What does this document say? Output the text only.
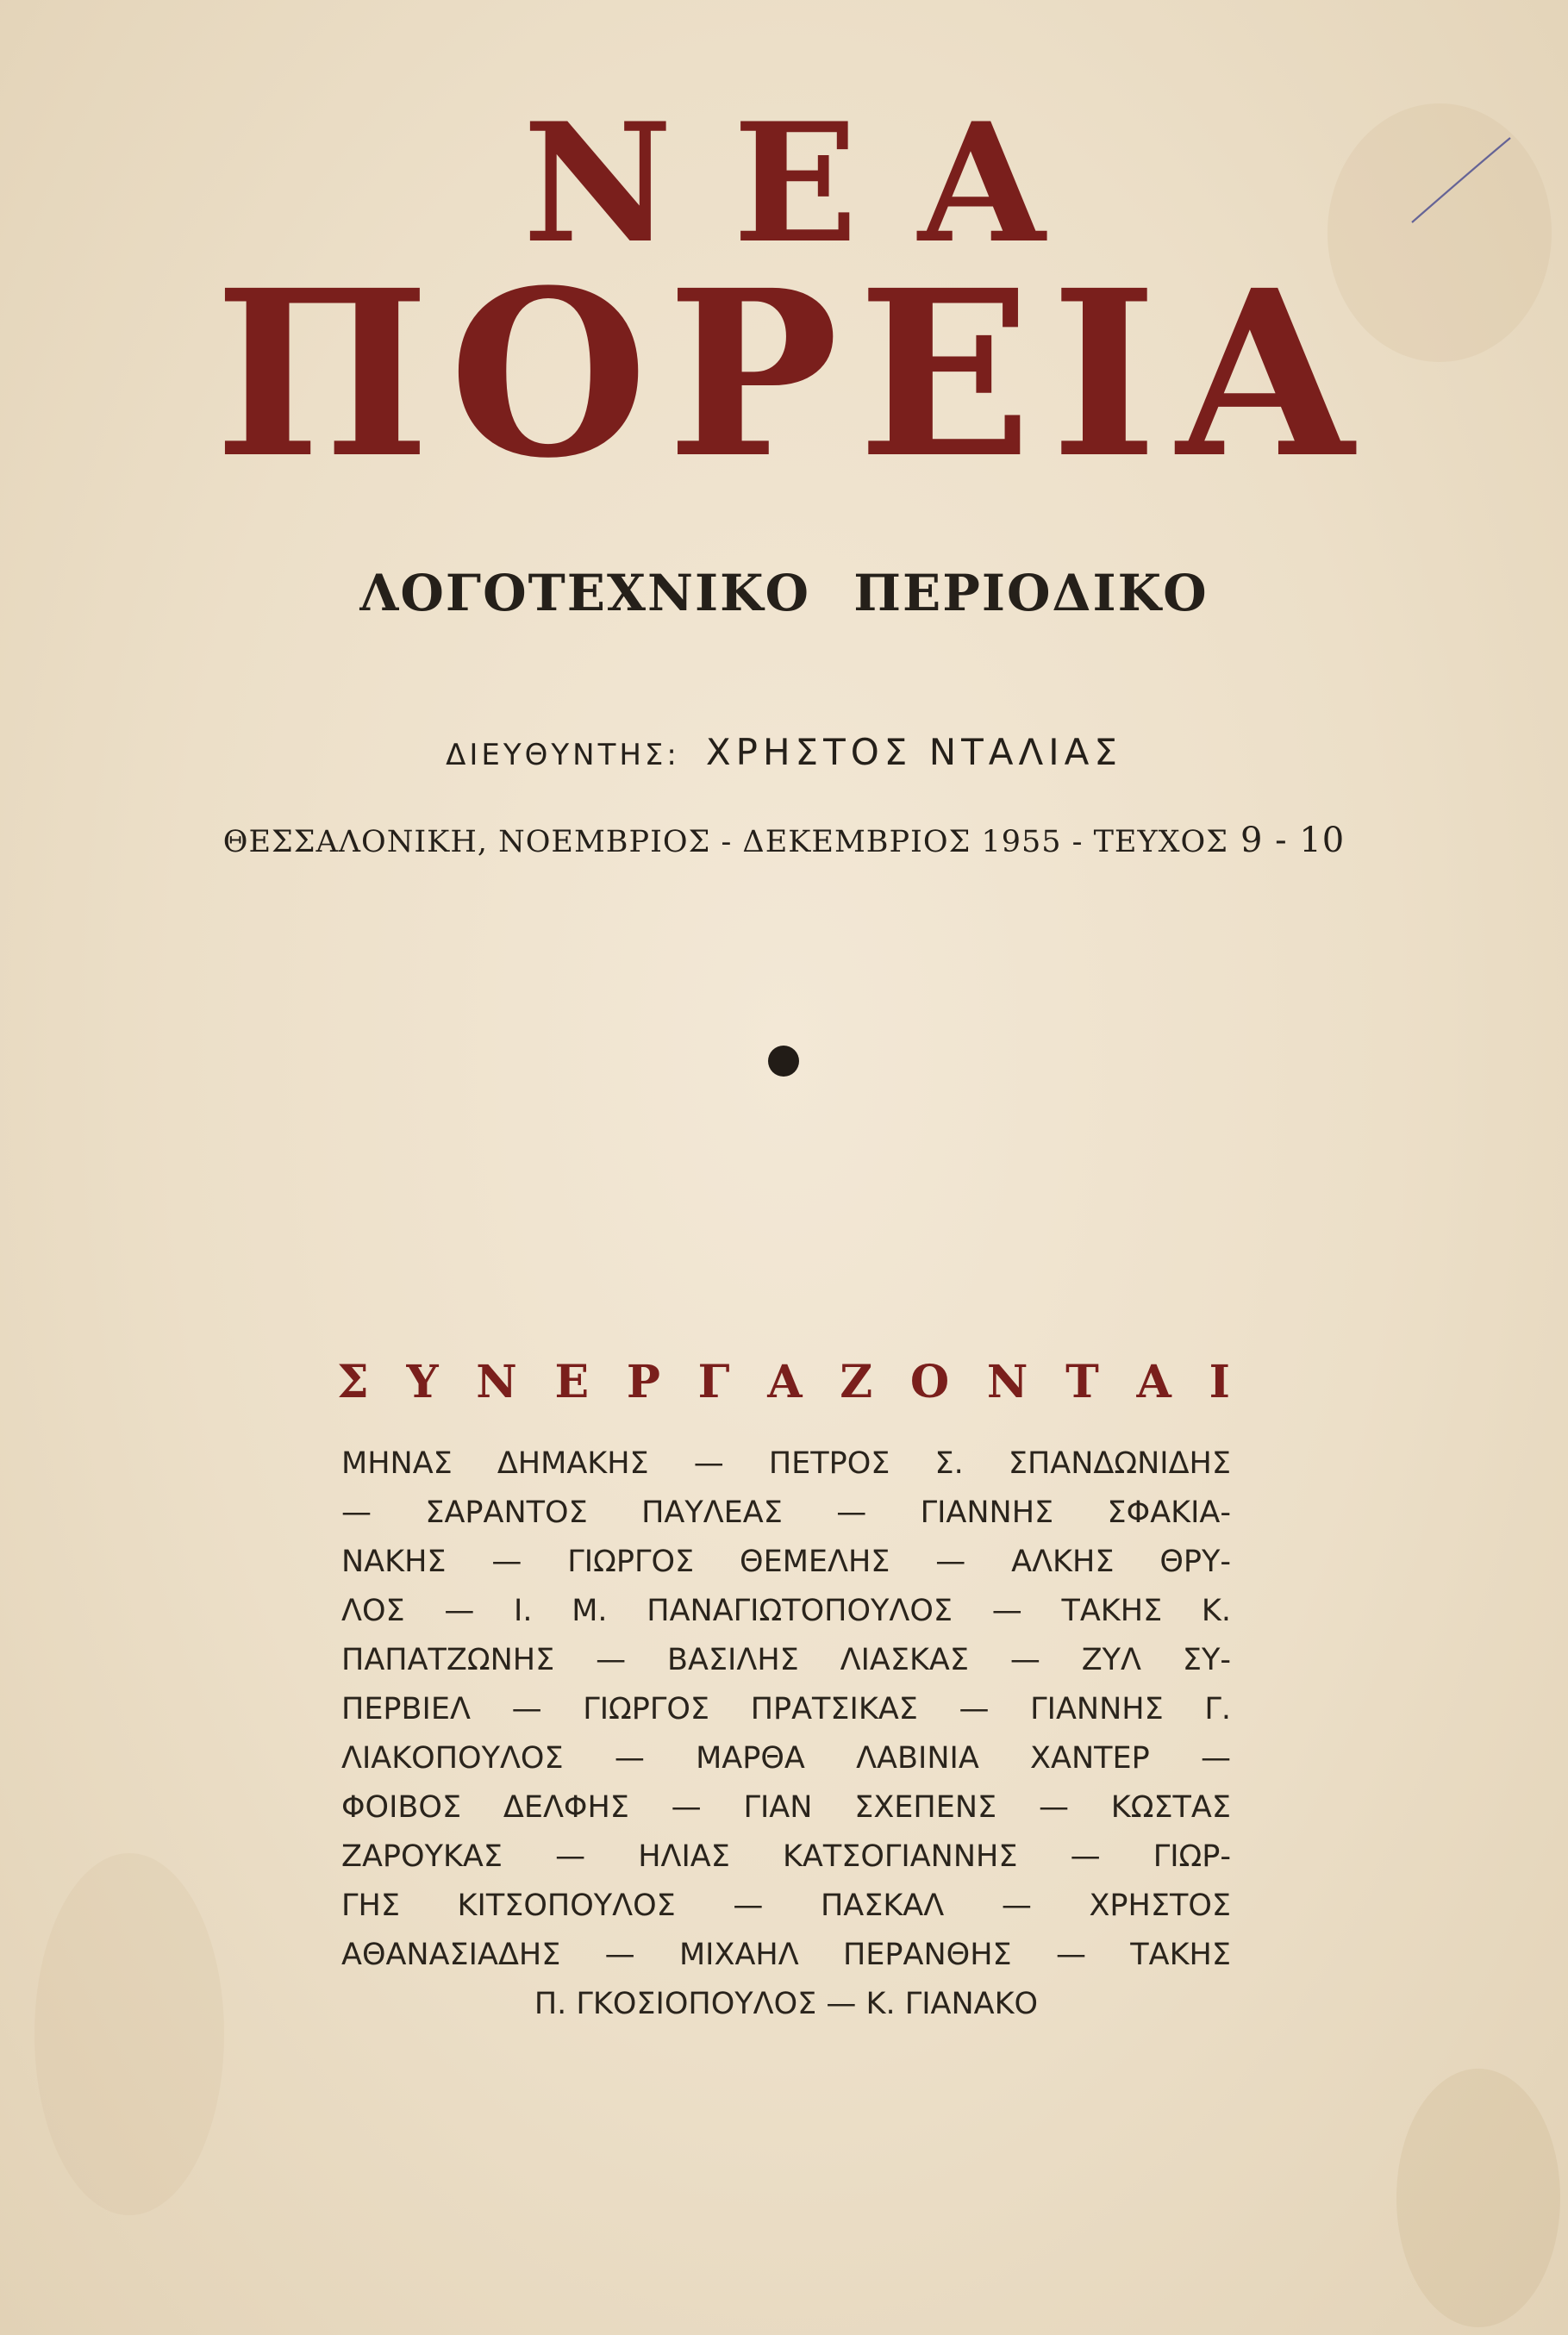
ΝΕΑ
ΠΟΡΕΙΑ
ΛΟΓΟΤΕΧΝΙΚΟ ΠΕΡΙΟΔΙΚΟ
ΔΙΕΥΘΥΝΤΗΣ: ΧΡΗΣΤΟΣ ΝΤΑΛΙΑΣ
ΘΕΣΣΑΛΟΝΙΚΗ, ΝΟΕΜΒΡΙΟΣ - ΔΕΚΕΜΒΡΙΟΣ 1955 - ΤΕΥΧΟΣ 9 - 10
Σ Υ Ν Ε Ρ Γ Α Ζ Ο Ν Τ Α Ι
ΜΗΝΑΣ ΔΗΜΑΚΗΣ — ΠΕΤΡΟΣ Σ. ΣΠΑΝΔΩΝΙΔΗΣ
— ΣΑΡΑΝΤΟΣ ΠΑΥΛΕΑΣ — ΓΙΑΝΝΗΣ ΣΦΑΚΙΑ-
ΝΑΚΗΣ — ΓΙΩΡΓΟΣ ΘΕΜΕΛΗΣ — ΑΛΚΗΣ ΘΡΥ-
ΛΟΣ — Ι. Μ. ΠΑΝΑΓΙΩΤΟΠΟΥΛΟΣ — ΤΑΚΗΣ Κ.
ΠΑΠΑΤΖΩΝΗΣ — ΒΑΣΙΛΗΣ ΛΙΑΣΚΑΣ — ΖΥΛ ΣΥ-
ΠΕΡΒΙΕΛ — ΓΙΩΡΓΟΣ ΠΡΑΤΣΙΚΑΣ — ΓΙΑΝΝΗΣ Γ.
ΛΙΑΚΟΠΟΥΛΟΣ — ΜΑΡΘΑ ΛΑΒΙΝΙΑ ΧΑΝΤΕΡ —
ΦΟΙΒΟΣ ΔΕΛΦΗΣ — ΓΙΑΝ ΣΧΕΠΕΝΣ — ΚΩΣΤΑΣ
ΖΑΡΟΥΚΑΣ — ΗΛΙΑΣ ΚΑΤΣΟΓΙΑΝΝΗΣ — ΓΙΩΡ-
ΓΗΣ ΚΙΤΣΟΠΟΥΛΟΣ — ΠΑΣΚΑΛ — ΧΡΗΣΤΟΣ
ΑΘΑΝΑΣΙΑΔΗΣ — ΜΙΧΑΗΛ ΠΕΡΑΝΘΗΣ — ΤΑΚΗΣ
Π. ΓΚΟΣΙΟΠΟΥΛΟΣ — Κ. ΓΙΑΝΑΚΟ
